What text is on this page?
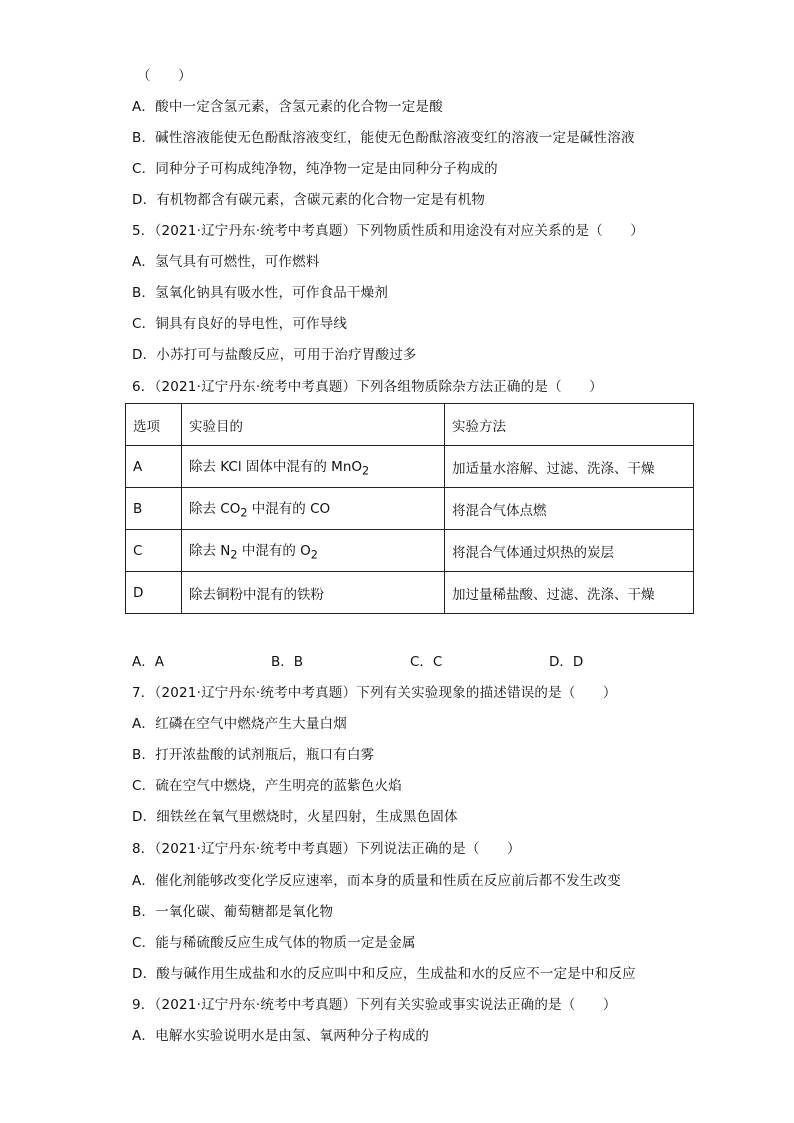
（　　）
A．酸中一定含氢元素，含氢元素的化合物一定是酸
B．碱性溶液能使无色酚酞溶液变红，能使无色酚酞溶液变红的溶液一定是碱性溶液
C．同种分子可构成纯净物，纯净物一定是由同种分子构成的
D．有机物都含有碳元素，含碳元素的化合物一定是有机物
5．（2021·辽宁丹东·统考中考真题）下列物质性质和用途没有对应关系的是（　　）
A．氢气具有可燃性，可作燃料
B．氢氧化钠具有吸水性，可作食品干燥剂
C．铜具有良好的导电性，可作导线
D．小苏打可与盐酸反应，可用于治疗胃酸过多
6．（2021·辽宁丹东·统考中考真题）下列各组物质除杂方法正确的是（　　）
选项	实验目的	实验方法
A	除去 KCl 固体中混有的 MnO$_2$	加适量水溶解、过滤、洗涤、干燥
B	除去 $CO_2$ 中混有的 CO	将混合气体点燃
C	除去 $N_2$ 中混有的 $O_2$	将混合气体通过炽热的炭层
D	除去铜粉中混有的铁粉	加过量稀盐酸、过滤、洗涤、干燥
A．A	B．B	C．C	D．D
7．（2021·辽宁丹东·统考中考真题）下列有关实验现象的描述错误的是（　　）
A．红磷在空气中燃烧产生大量白烟
B．打开浓盐酸的试剂瓶后，瓶口有白雾
C．硫在空气中燃烧，产生明亮的蓝紫色火焰
D．细铁丝在氧气里燃烧时，火星四射，生成黑色固体
8．（2021·辽宁丹东·统考中考真题）下列说法正确的是（　　）
A．催化剂能够改变化学反应速率，而本身的质量和性质在反应前后都不发生改变
B．一氧化碳、葡萄糖都是氧化物
C．能与稀硫酸反应生成气体的物质一定是金属
D．酸与碱作用生成盐和水的反应叫中和反应，生成盐和水的反应不一定是中和反应
9．（2021·辽宁丹东·统考中考真题）下列有关实验或事实说法正确的是（　　）
A．电解水实验说明水是由氢、氧两种分子构成的
